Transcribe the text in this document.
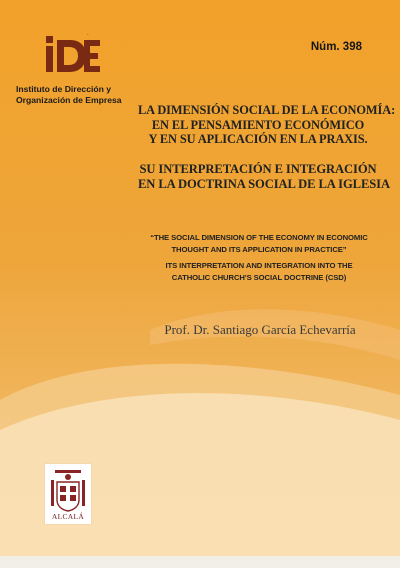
´
Instituto de Dirección y
Organización de Empresa
Núm. 398
LA DIMENSIÓN SOCIAL DE LA ECONOMÍA:
EN EL PENSAMIENTO ECONÓMICO
Y EN SU APLICACIÓN EN LA PRAXIS.
SU INTERPRETACIÓN E INTEGRACIÓN
EN LA DOCTRINA SOCIAL DE LA IGLESIA
“THE SOCIAL DIMENSION OF THE ECONOMY IN ECONOMIC
THOUGHT AND ITS APPLICATION IN PRACTICE”
ITS INTERPRETATION AND INTEGRATION INTO THE
CATHOLIC CHURCH'S SOCIAL DOCTRINE (CSD)
Prof. Dr. Santiago García Echevarría
ALCALÁ
